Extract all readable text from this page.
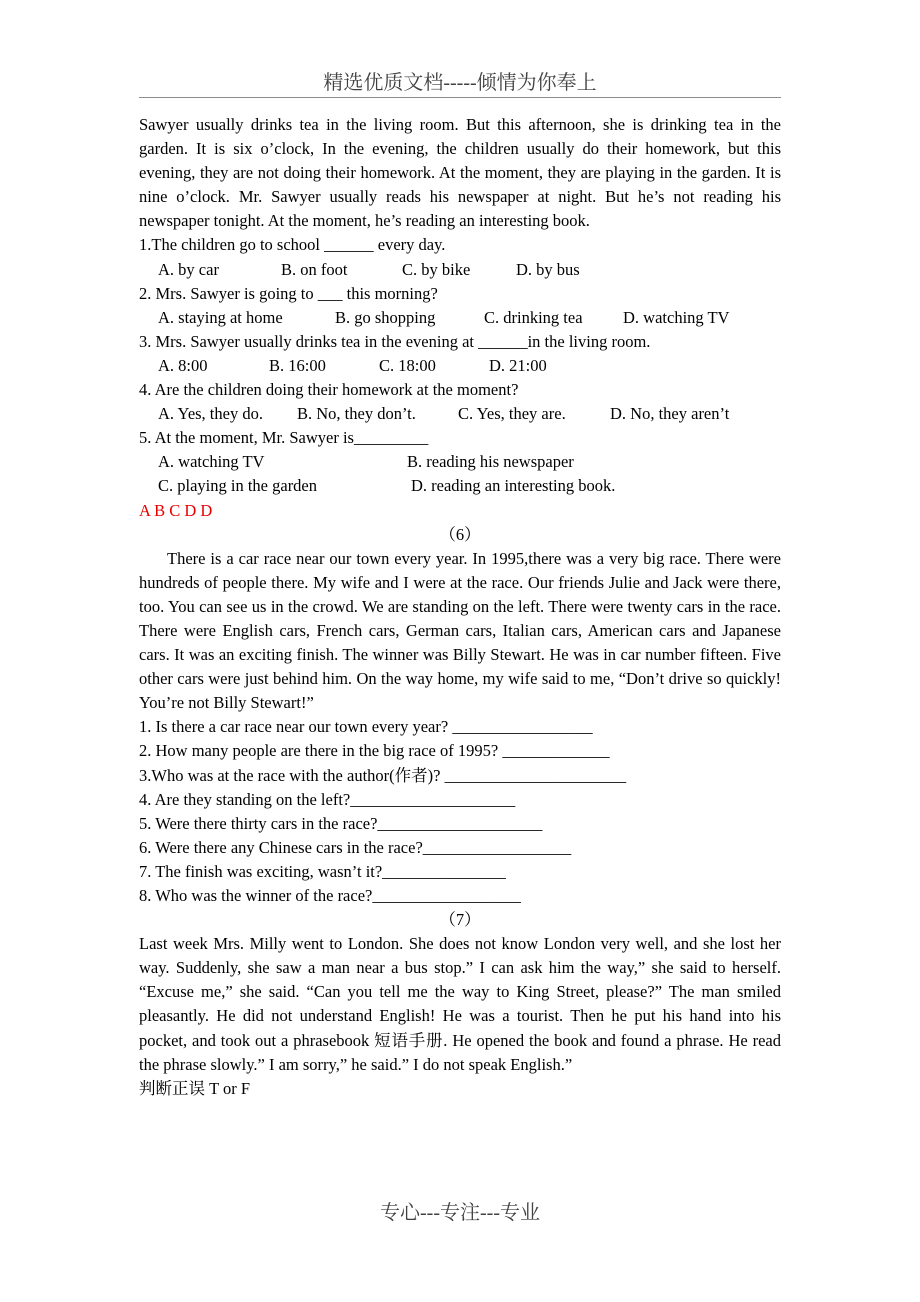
精选优质文档-----倾情为你奉上

Sawyer usually drinks tea in the living room. But this afternoon, she is drinking tea in the garden. It is six o’clock, In the evening, the children usually do their homework, but this evening, they are not doing their homework. At the moment, they are playing in the garden. It is nine o’clock. Mr. Sawyer usually reads his newspaper at night. But he’s not reading his newspaper tonight. At the moment, he’s reading an interesting book.

1.The children go to school ______ every day.

A. by car	B. on foot	C. by bike	D. by bus

2. Mrs. Sawyer is going to ___ this morning?

A. staying at home	B. go shopping	C. drinking tea	D. watching TV

3. Mrs. Sawyer usually drinks tea in the evening at ______in the living room.

A. 8:00	B. 16:00	C. 18:00	D. 21:00

4. Are the children doing their homework at the moment?

A. Yes, they do.	B. No, they don’t.	C. Yes, they are.	D. No, they aren’t

5. At the moment, Mr. Sawyer is_________

A. watching TV	B. reading his newspaper
C. playing in the garden	D. reading an interesting book.

A B C D D

（6）

There is a car race near our town every year. In 1995,there was a very big race. There were hundreds of people there. My wife and I were at the race. Our friends Julie and Jack were there, too. You can see us in the crowd. We are standing on the left. There were twenty cars in the race. There were English cars, French cars, German cars, Italian cars, American cars and Japanese cars. It was an exciting finish. The winner was Billy Stewart. He was in car number fifteen. Five other cars were just behind him. On the way home, my wife said to me, “Don’t drive so quickly! You’re not Billy Stewart!”

1. Is there a car race near our town every year? _________________

2. How many people are there in the big race of 1995? _____________

3.Who was at the race with the author(作者)? ______________________

4. Are they standing on the left?____________________

5. Were there thirty cars in the race?____________________

6. Were there any Chinese cars in the race?__________________

7. The finish was exciting, wasn’t it?_______________

8. Who was the winner of the race?__________________

（7）

Last week Mrs. Milly went to London. She does not know London very well, and she lost her way. Suddenly, she saw a man near a bus stop.” I can ask him the way,” she said to herself. “Excuse me,” she said. “Can you tell me the way to King Street, please?” The man smiled pleasantly. He did not understand English! He was a tourist. Then he put his hand into his pocket, and took out a phrasebook 短语手册. He opened the book and found a phrase. He read the phrase slowly.” I am sorry,” he said.” I do not speak English.”

判断正误 T or F

专心---专注---专业
